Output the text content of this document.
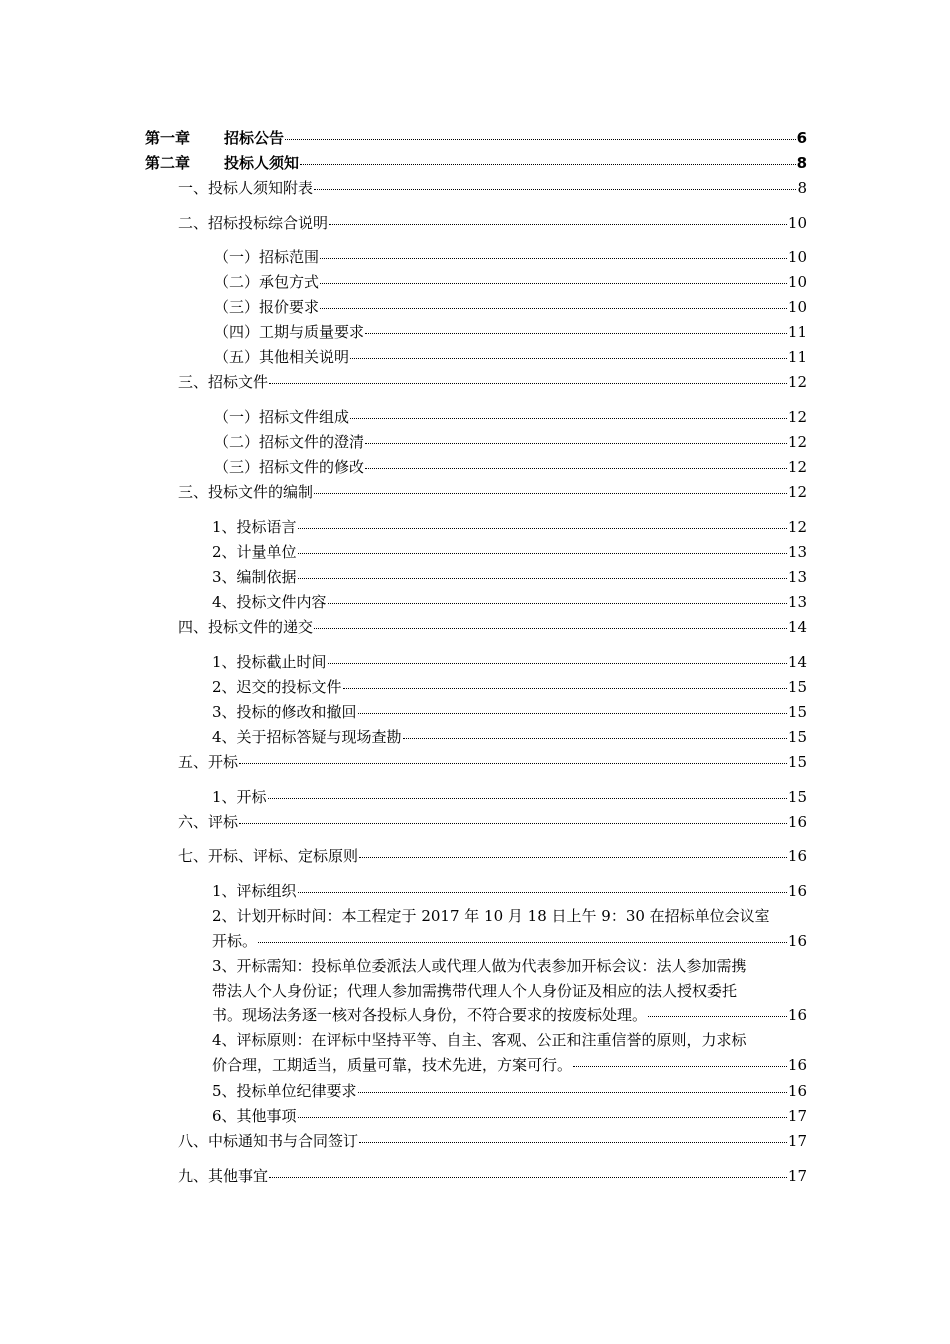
第一章 招标公告	6
第二章 投标人须知	8
一、投标人须知附表	8
二、招标投标综合说明	10
（一）招标范围	10
（二）承包方式	10
（三）报价要求	10
（四）工期与质量要求	11
（五）其他相关说明	11
三、招标文件	12
（一）招标文件组成	12
（二）招标文件的澄清	12
（三）招标文件的修改	12
三、投标文件的编制	12
1、投标语言	12
2、计量单位	13
3、编制依据	13
4、投标文件内容	13
四、投标文件的递交	14
1、投标截止时间	14
2、迟交的投标文件	15
3、投标的修改和撤回	15
4、关于招标答疑与现场查勘	15
五、开标	15
1、开标	15
六、评标	16
七、开标、评标、定标原则	16
1、评标组织	16
2、计划开标时间：本工程定于 2017 年 10 月 18 日上午 9：30 在招标单位会议室
开标。	16
3、开标需知：投标单位委派法人或代理人做为代表参加开标会议：法人参加需携
带法人个人身份证；代理人参加需携带代理人个人身份证及相应的法人授权委托
书。现场法务逐一核对各投标人身份，不符合要求的按废标处理。	16
4、评标原则：在评标中坚持平等、自主、客观、公正和注重信誉的原则，力求标
价合理，工期适当，质量可靠，技术先进，方案可行。	16
5、投标单位纪律要求	16
6、其他事项	17
八、中标通知书与合同签订	17
九、其他事宜	17
